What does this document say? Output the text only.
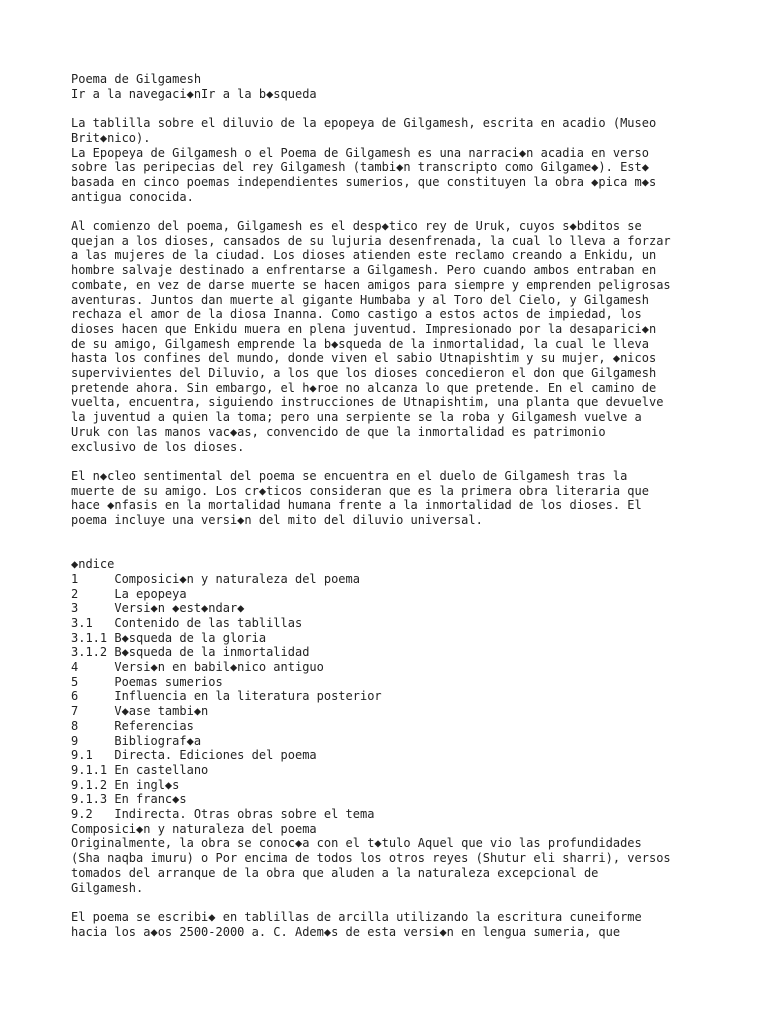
Poema de Gilgamesh
Ir a la navegaci◆nIr a la b◆squeda
La tablilla sobre el diluvio de la epopeya de Gilgamesh, escrita en acadio (Museo
Brit◆nico).
La Epopeya de Gilgamesh o el Poema de Gilgamesh es una narraci◆n acadia en verso
sobre las peripecias del rey Gilgamesh (tambi◆n transcripto como Gilgame◆). Est◆
basada en cinco poemas independientes sumerios, que constituyen la obra ◆pica m◆s
antigua conocida.
Al comienzo del poema, Gilgamesh es el desp◆tico rey de Uruk, cuyos s◆bditos se
quejan a los dioses, cansados de su lujuria desenfrenada, la cual lo lleva a forzar
a las mujeres de la ciudad. Los dioses atienden este reclamo creando a Enkidu, un
hombre salvaje destinado a enfrentarse a Gilgamesh. Pero cuando ambos entraban en
combate, en vez de darse muerte se hacen amigos para siempre y emprenden peligrosas
aventuras. Juntos dan muerte al gigante Humbaba y al Toro del Cielo, y Gilgamesh
rechaza el amor de la diosa Inanna. Como castigo a estos actos de impiedad, los
dioses hacen que Enkidu muera en plena juventud. Impresionado por la desaparici◆n
de su amigo, Gilgamesh emprende la b◆squeda de la inmortalidad, la cual le lleva
hasta los confines del mundo, donde viven el sabio Utnapishtim y su mujer, ◆nicos
supervivientes del Diluvio, a los que los dioses concedieron el don que Gilgamesh
pretende ahora. Sin embargo, el h◆roe no alcanza lo que pretende. En el camino de
vuelta, encuentra, siguiendo instrucciones de Utnapishtim, una planta que devuelve
la juventud a quien la toma; pero una serpiente se la roba y Gilgamesh vuelve a
Uruk con las manos vac◆as, convencido de que la inmortalidad es patrimonio
exclusivo de los dioses.
El n◆cleo sentimental del poema se encuentra en el duelo de Gilgamesh tras la
muerte de su amigo. Los cr◆ticos consideran que es la primera obra literaria que
hace ◆nfasis en la mortalidad humana frente a la inmortalidad de los dioses. El
poema incluye una versi◆n del mito del diluvio universal.
◆ndice
1     Composici◆n y naturaleza del poema
2     La epopeya
3     Versi◆n ◆est◆ndar◆
3.1   Contenido de las tablillas
3.1.1 B◆squeda de la gloria
3.1.2 B◆squeda de la inmortalidad
4     Versi◆n en babil◆nico antiguo
5     Poemas sumerios
6     Influencia en la literatura posterior
7     V◆ase tambi◆n
8     Referencias
9     Bibliograf◆a
9.1   Directa. Ediciones del poema
9.1.1 En castellano
9.1.2 En ingl◆s
9.1.3 En franc◆s
9.2   Indirecta. Otras obras sobre el tema
Composici◆n y naturaleza del poema
Originalmente, la obra se conoc◆a con el t◆tulo Aquel que vio las profundidades
(Sha naqba imuru) o Por encima de todos los otros reyes (Shutur eli sharri), versos
tomados del arranque de la obra que aluden a la naturaleza excepcional de
Gilgamesh.
El poema se escribi◆ en tablillas de arcilla utilizando la escritura cuneiforme
hacia los a◆os 2500-2000 a. C. Adem◆s de esta versi◆n en lengua sumeria, que
